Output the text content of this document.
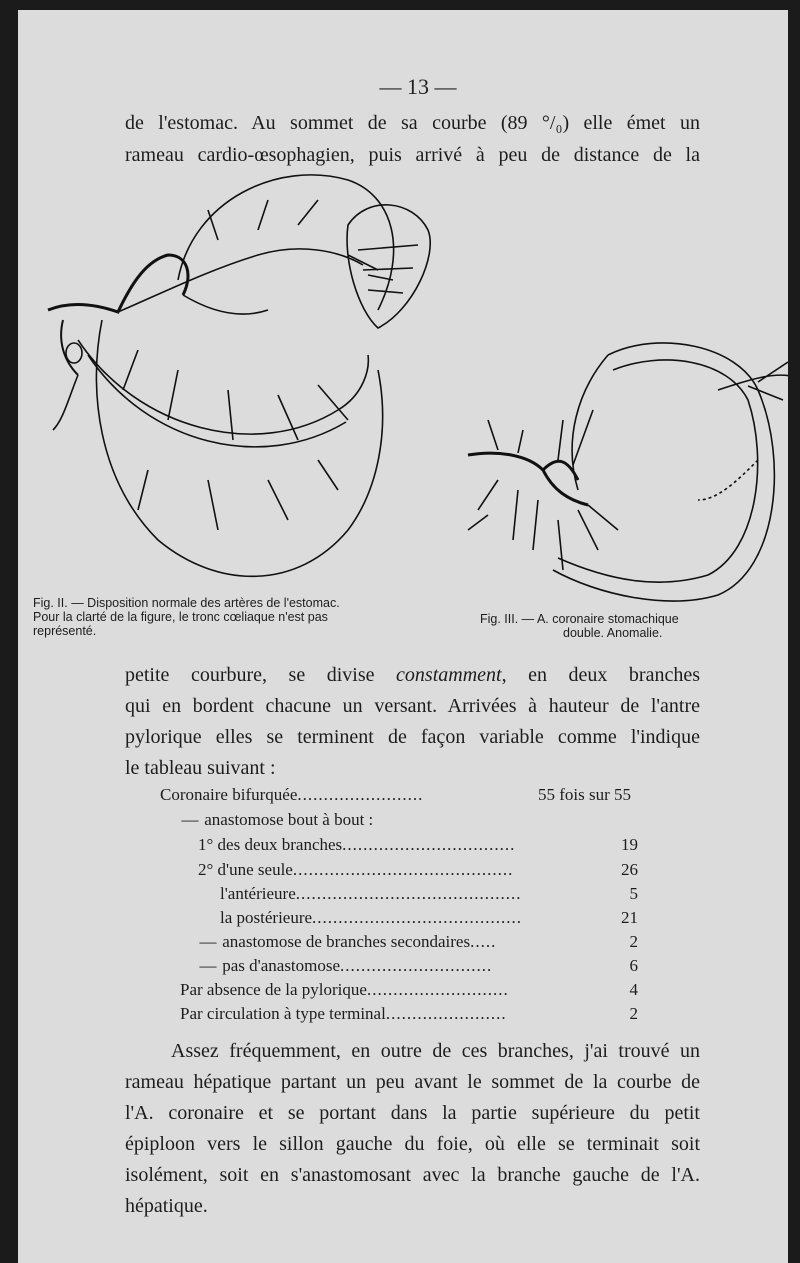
— 13 —
de l'estomac. Au sommet de sa courbe (89 °/₀) elle émet un
rameau cardio-œsophagien, puis arrivé à peu de distance de la
Fig. II. — Disposition normale des artères de l'estomac.
Pour la clarté de la figure, le tronc cœliaque n'est pas
représenté.
Fig. III. — A. coronaire stomachique
double. Anomalie.
petite courbure, se divise constamment, en deux branches
qui en bordent chacune un versant. Arrivées à hauteur de l'antre
pylorique elles se terminent de façon variable comme l'indique
le tableau suivant :
Coronaire bifurquée........................	55 fois sur 55
— anastomose bout à bout :
1° des deux branches.................................	19
2° d'une seule..........................................	26
l'antérieure...........................................	5
la postérieure........................................	21
— anastomose de branches secondaires.....	2
— pas d'anastomose.............................	6
Par absence de la pylorique...........................	4
Par circulation à type terminal.......................	2
Assez fréquemment, en outre de ces branches, j'ai trouvé un
rameau hépatique partant un peu avant le sommet de la courbe de
l'A. coronaire et se portant dans la partie supérieure du petit
épiploon vers le sillon gauche du foie, où elle se terminait soit
isolément, soit en s'anastomosant avec la branche gauche de l'A.
hépatique.
